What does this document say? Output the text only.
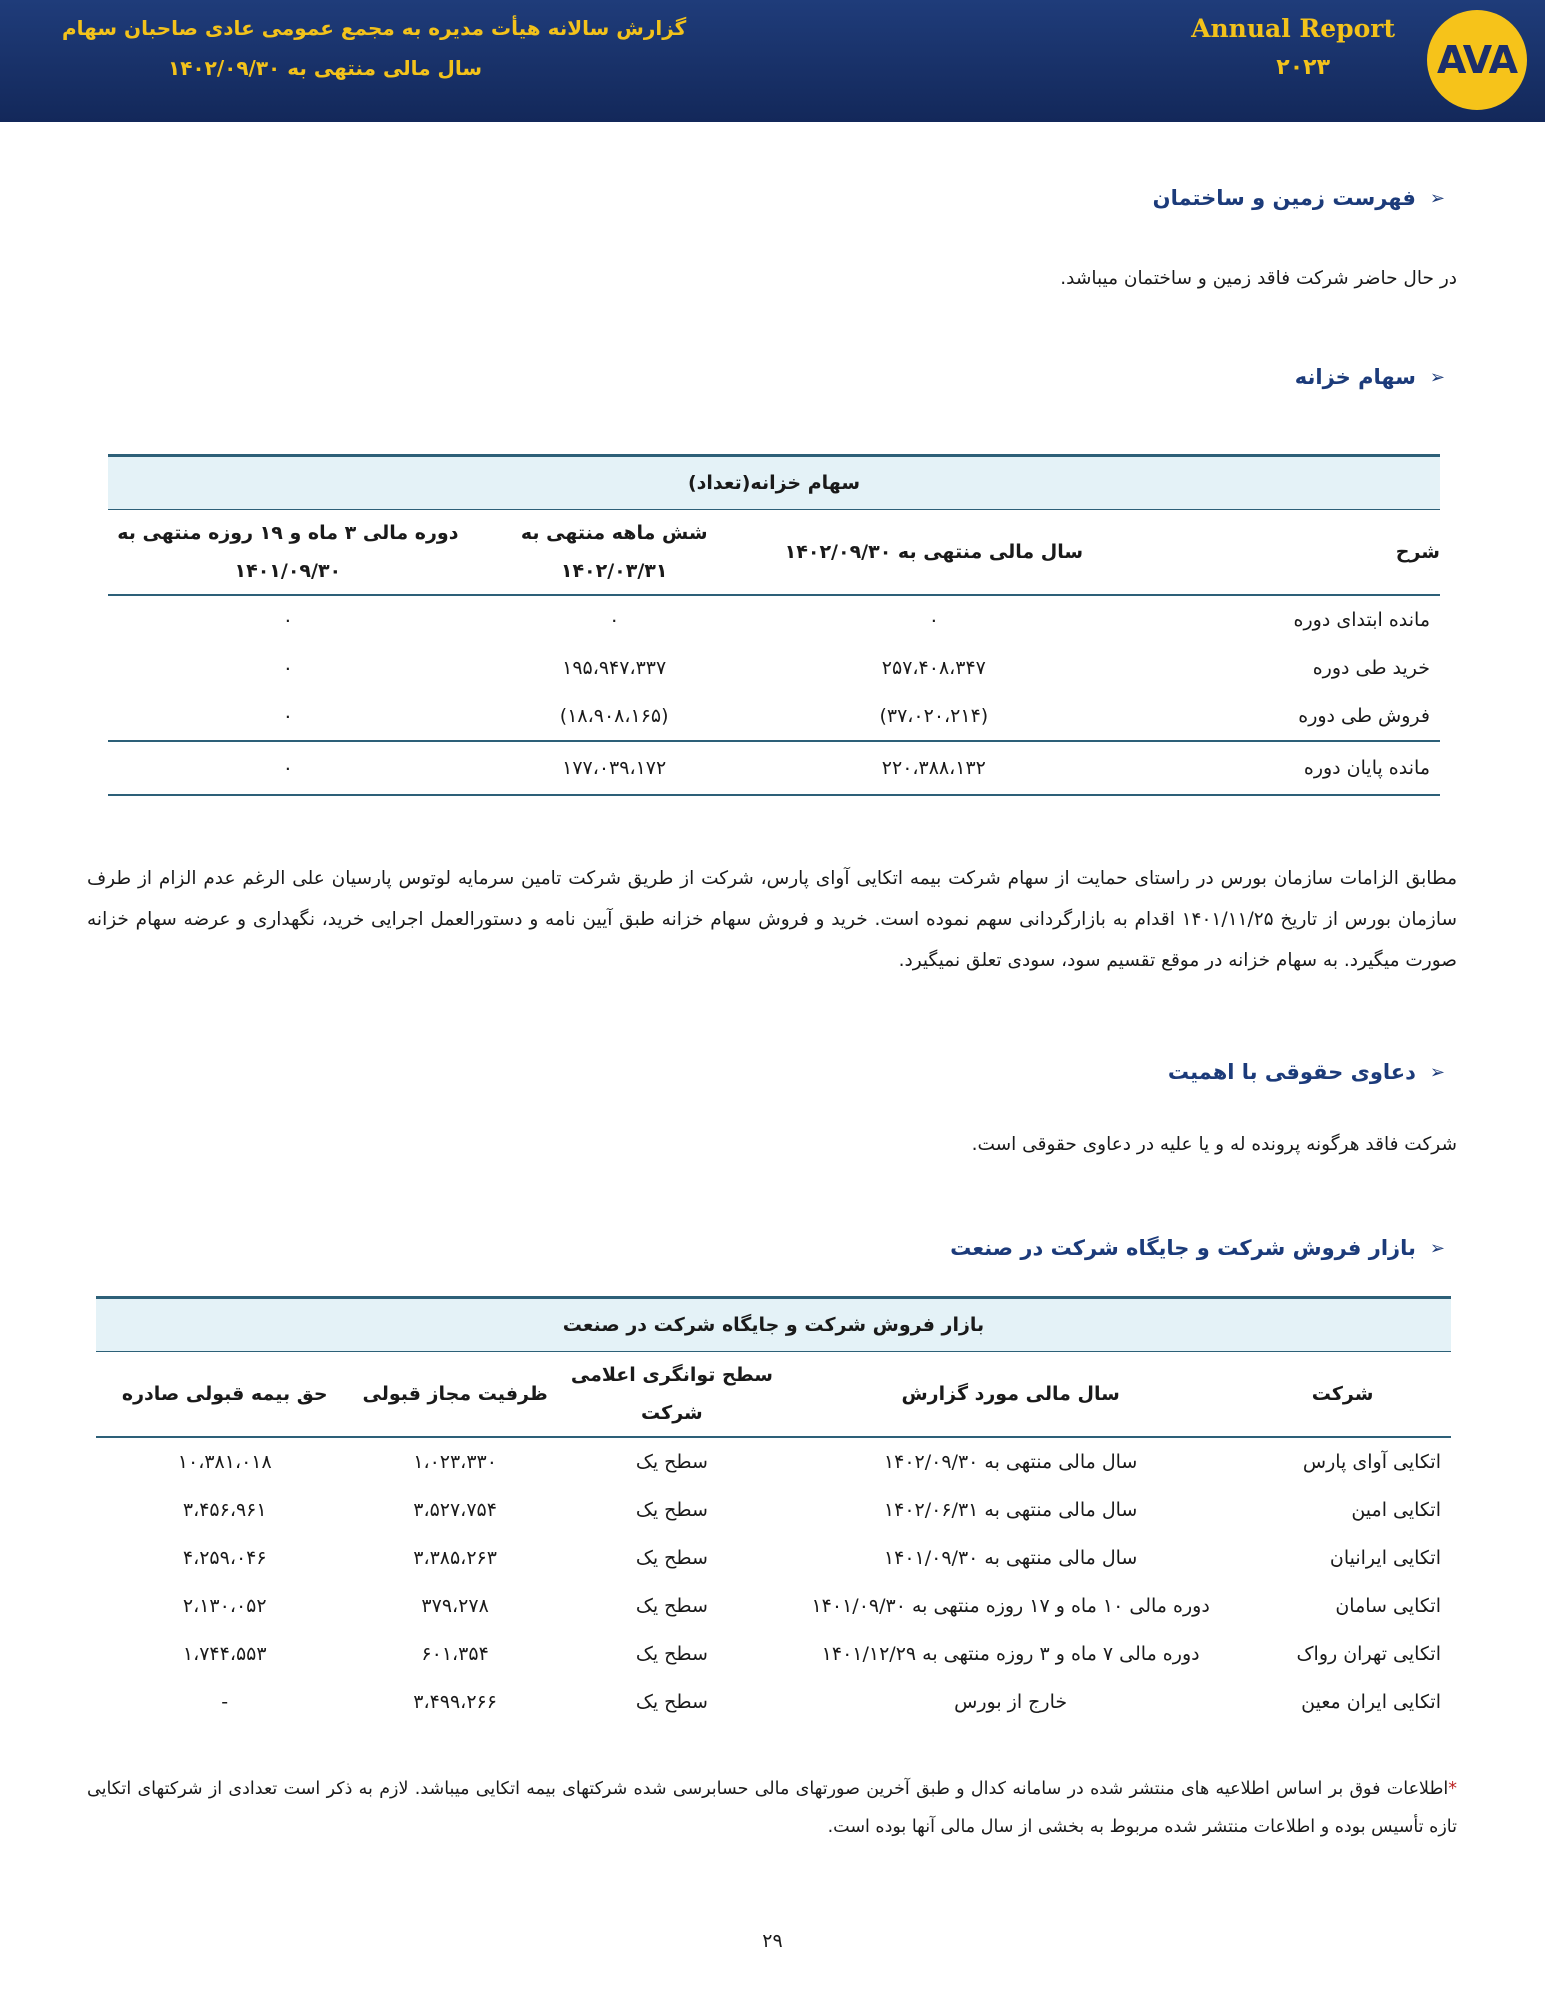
AVA
Annual Report
۲۰۲۳
گزارش سالانه هیأت مدیره به مجمع عمومی عادی صاحبان سهام
سال مالی منتهی به ۱۴۰۲/۰۹/۳۰
➢
فهرست زمین و ساختمان
در حال حاضر شرکت فاقد زمین و ساختمان میباشد.
➢
سهام خزانه
سهام خزانه(تعداد)			
شرح	سال مالی منتهی به ۱۴۰۲/۰۹/۳۰	شش ماهه منتهی به ۱۴۰۲/۰۳/۳۱	دوره مالی ۳ ماه و ۱۹ روزه منتهی به ۱۴۰۱/۰۹/۳۰
مانده ابتدای دوره	۰	۰	۰
خرید طی دوره	۲۵۷،۴۰۸،۳۴۷	۱۹۵،۹۴۷،۳۳۷	۰
فروش طی دوره	(۳۷،۰۲۰،۲۱۴)	(۱۸،۹۰۸،۱۶۵)	۰
مانده پایان دوره	۲۲۰،۳۸۸،۱۳۲	۱۷۷،۰۳۹،۱۷۲	۰
مطابق الزامات سازمان بورس در راستای حمایت از سهام شرکت بیمه اتکایی آوای پارس، شرکت از طریق شرکت تامین سرمایه لوتوس پارسیان علی الرغم عدم الزام از طرف سازمان بورس از تاریخ ۱۴۰۱/۱۱/۲۵ اقدام به بازارگردانی سهم نموده است. خرید و فروش سهام خزانه طبق آیین نامه و دستورالعمل اجرایی خرید، نگهداری و عرضه سهام خزانه صورت میگیرد. به سهام خزانه در موقع تقسیم سود، سودی تعلق نمیگیرد.
➢
دعاوی حقوقی با اهمیت
شرکت فاقد هرگونه پرونده له و یا علیه در دعاوی حقوقی است.
➢
بازار فروش شرکت و جایگاه شرکت در صنعت
بازار فروش شرکت و جایگاه شرکت در صنعت				
شرکت	سال مالی مورد گزارش	سطح توانگری اعلامی شرکت	ظرفیت مجاز قبولی	حق بیمه قبولی صادره
اتکایی آوای پارس	سال مالی منتهی به ۱۴۰۲/۰۹/۳۰	سطح یک	۱،۰۲۳،۳۳۰	۱۰،۳۸۱،۰۱۸
اتکایی امین	سال مالی منتهی به ۱۴۰۲/۰۶/۳۱	سطح یک	۳،۵۲۷،۷۵۴	۳،۴۵۶،۹۶۱
اتکایی ایرانیان	سال مالی منتهی به ۱۴۰۱/۰۹/۳۰	سطح یک	۳،۳۸۵،۲۶۳	۴،۲۵۹،۰۴۶
اتکایی سامان	دوره مالی ۱۰ ماه و ۱۷ روزه منتهی به ۱۴۰۱/۰۹/۳۰	سطح یک	۳۷۹،۲۷۸	۲،۱۳۰،۰۵۲
اتکایی تهران رواک	دوره مالی ۷ ماه و ۳ روزه منتهی به ۱۴۰۱/۱۲/۲۹	سطح یک	۶۰۱،۳۵۴	۱،۷۴۴،۵۵۳
اتکایی ایران معین	خارج از بورس	سطح یک	۳،۴۹۹،۲۶۶	-
*اطلاعات فوق بر اساس اطلاعیه های منتشر شده در سامانه کدال و طبق آخرین صورتهای مالی حسابرسی شده شرکتهای بیمه اتکایی میباشد. لازم به ذکر است تعدادی از شرکتهای اتکایی تازه تأسیس بوده و اطلاعات منتشر شده مربوط به بخشی از سال مالی آنها بوده است.
۲۹
